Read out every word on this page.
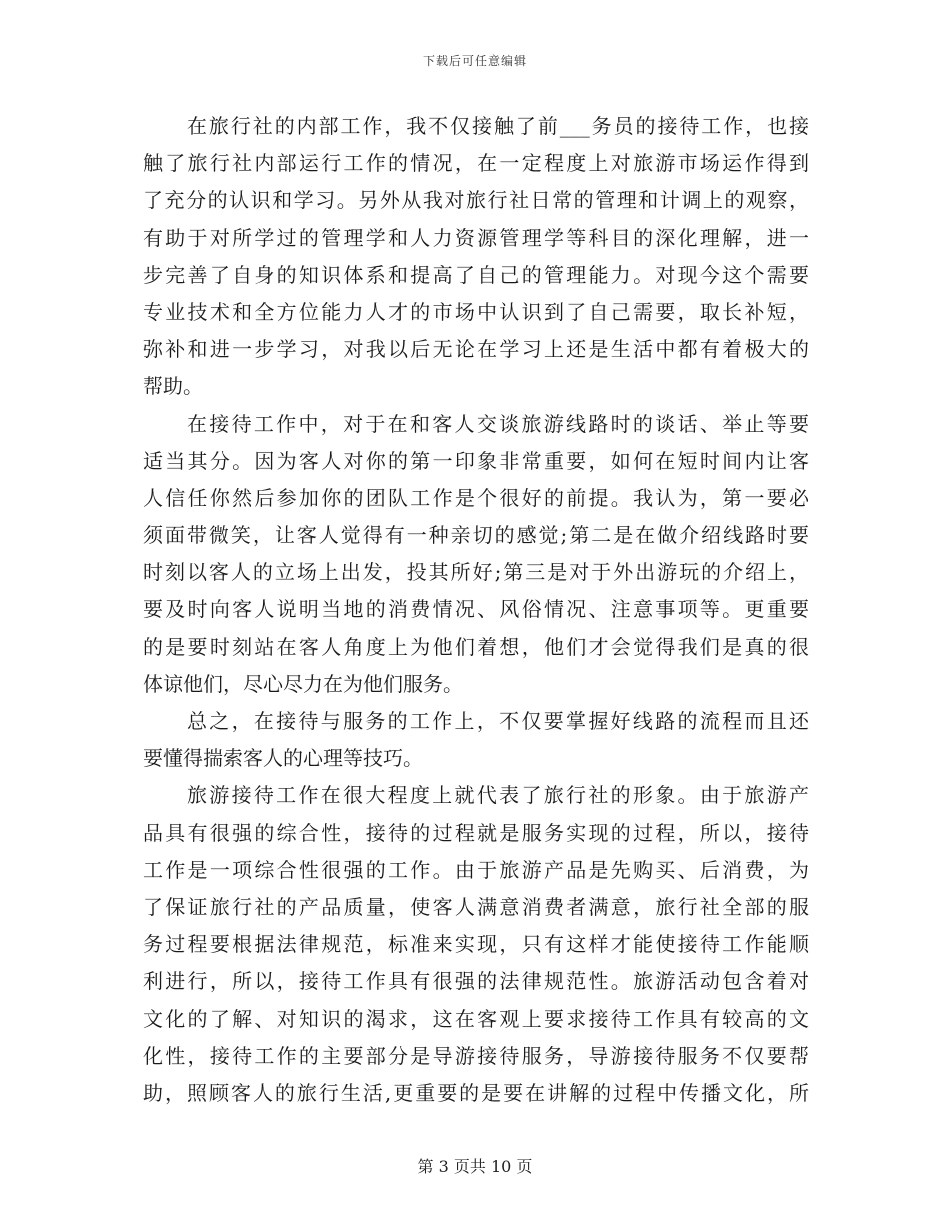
下载后可任意编辑
在旅行社的内部工作，我不仅接触了前___务员的接待工作，也接
触了旅行社内部运行工作的情况，在一定程度上对旅游市场运作得到
了充分的认识和学习。另外从我对旅行社日常的管理和计调上的观察，
有助于对所学过的管理学和人力资源管理学等科目的深化理解，进一
步完善了自身的知识体系和提高了自己的管理能力。对现今这个需要
专业技术和全方位能力人才的市场中认识到了自己需要，取长补短，
弥补和进一步学习，对我以后无论在学习上还是生活中都有着极大的
帮助。
在接待工作中，对于在和客人交谈旅游线路时的谈话、举止等要
适当其分。因为客人对你的第一印象非常重要，如何在短时间内让客
人信任你然后参加你的团队工作是个很好的前提。我认为，第一要必
须面带微笑，让客人觉得有一种亲切的感觉;第二是在做介绍线路时要
时刻以客人的立场上出发，投其所好;第三是对于外出游玩的介绍上，
要及时向客人说明当地的消费情况、风俗情况、注意事项等。更重要
的是要时刻站在客人角度上为他们着想，他们才会觉得我们是真的很
体谅他们，尽心尽力在为他们服务。
总之，在接待与服务的工作上，不仅要掌握好线路的流程而且还
要懂得揣索客人的心理等技巧。
旅游接待工作在很大程度上就代表了旅行社的形象。由于旅游产
品具有很强的综合性，接待的过程就是服务实现的过程，所以，接待
工作是一项综合性很强的工作。由于旅游产品是先购买、后消费，为
了保证旅行社的产品质量，使客人满意消费者满意，旅行社全部的服
务过程要根据法律规范，标准来实现，只有这样才能使接待工作能顺
利进行，所以，接待工作具有很强的法律规范性。旅游活动包含着对
文化的了解、对知识的渴求，这在客观上要求接待工作具有较高的文
化性，接待工作的主要部分是导游接待服务，导游接待服务不仅要帮
助，照顾客人的旅行生活,更重要的是要在讲解的过程中传播文化，所
第 3 页共 10 页
